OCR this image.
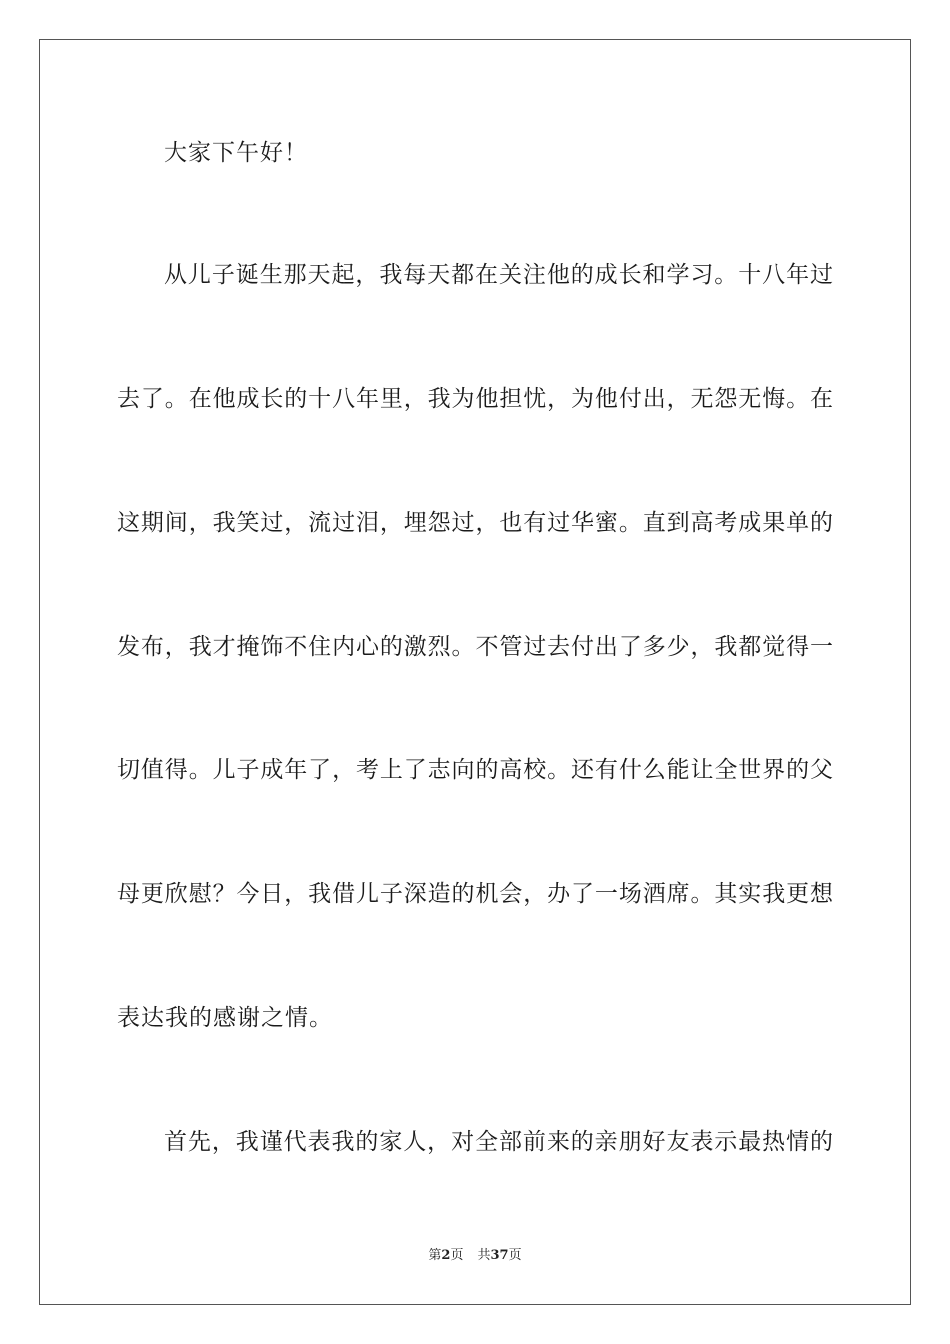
大家下午好！
从儿子诞生那天起，我每天都在关注他的成长和学习。十八年过
去了。在他成长的十八年里，我为他担忧，为他付出，无怨无悔。在
这期间，我笑过，流过泪，埋怨过，也有过华蜜。直到高考成果单的
发布，我才掩饰不住内心的激烈。不管过去付出了多少，我都觉得一
切值得。儿子成年了，考上了志向的高校。还有什么能让全世界的父
母更欣慰？今日，我借儿子深造的机会，办了一场酒席。其实我更想
表达我的感谢之情。
首先，我谨代表我的家人，对全部前来的亲朋好友表示最热情的
第2页 共37页
